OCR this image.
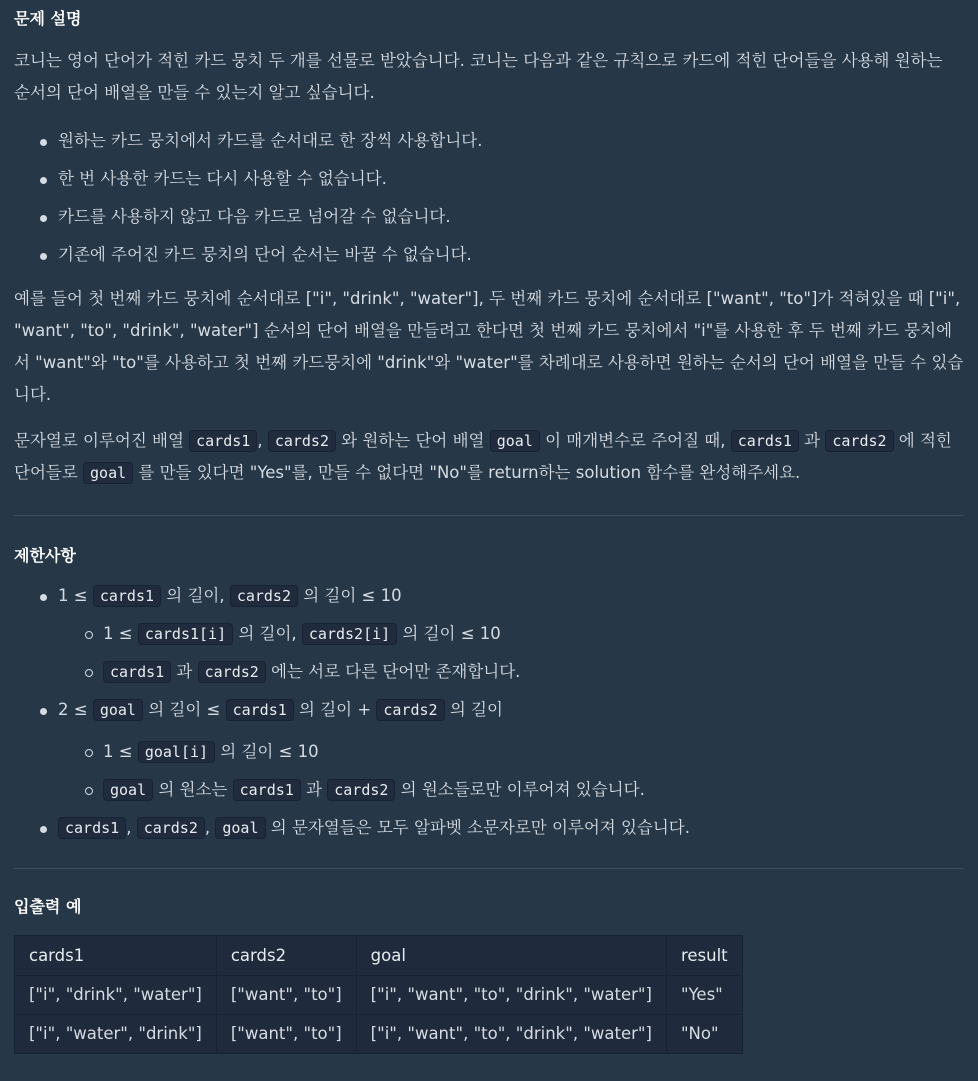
문제 설명

코니는 영어 단어가 적힌 카드 뭉치 두 개를 선물로 받았습니다. 코니는 다음과 같은 규칙으로 카드에 적힌 단어들을 사용해 원하는 순서의 단어 배열을 만들 수 있는지 알고 싶습니다.

원하는 카드 뭉치에서 카드를 순서대로 한 장씩 사용합니다.
한 번 사용한 카드는 다시 사용할 수 없습니다.
카드를 사용하지 않고 다음 카드로 넘어갈 수 없습니다.
기존에 주어진 카드 뭉치의 단어 순서는 바꿀 수 없습니다.

예를 들어 첫 번째 카드 뭉치에 순서대로 ["i", "drink", "water"], 두 번째 카드 뭉치에 순서대로 ["want", "to"]가 적혀있을 때 ["i", "want", "to", "drink", "water"] 순서의 단어 배열을 만들려고 한다면 첫 번째 카드 뭉치에서 "i"를 사용한 후 두 번째 카드 뭉치에서 "want"와 "to"를 사용하고 첫 번째 카드뭉치에 "drink"와 "water"를 차례대로 사용하면 원하는 순서의 단어 배열을 만들 수 있습니다.

문자열로 이루어진 배열 cards1 , cards2 와 원하는 단어 배열 goal 이 매개변수로 주어질 때, cards1 과 cards2 에 적힌 단어들로 goal 를 만들 있다면 "Yes"를, 만들 수 없다면 "No"를 return하는 solution 함수를 완성해주세요.

제한사항
1 ≤ cards1 의 길이, cards2 의 길이 ≤ 10
1 ≤ cards1[i] 의 길이, cards2[i] 의 길이 ≤ 10
cards1 과 cards2 에는 서로 다른 단어만 존재합니다.
2 ≤ goal 의 길이 ≤ cards1 의 길이 + cards2 의 길이
1 ≤ goal[i] 의 길이 ≤ 10
goal 의 원소는 cards1 과 cards2 의 원소들로만 이루어져 있습니다.
cards1 , cards2 , goal 의 문자열들은 모두 알파벳 소문자로만 이루어져 있습니다.
입출력 예
cards1	cards2	goal	result
["i", "drink", "water"]	["want", "to"]	["i", "want", "to", "drink", "water"]	"Yes"
["i", "water", "drink"]	["want", "to"]	["i", "want", "to", "drink", "water"]	"No"
